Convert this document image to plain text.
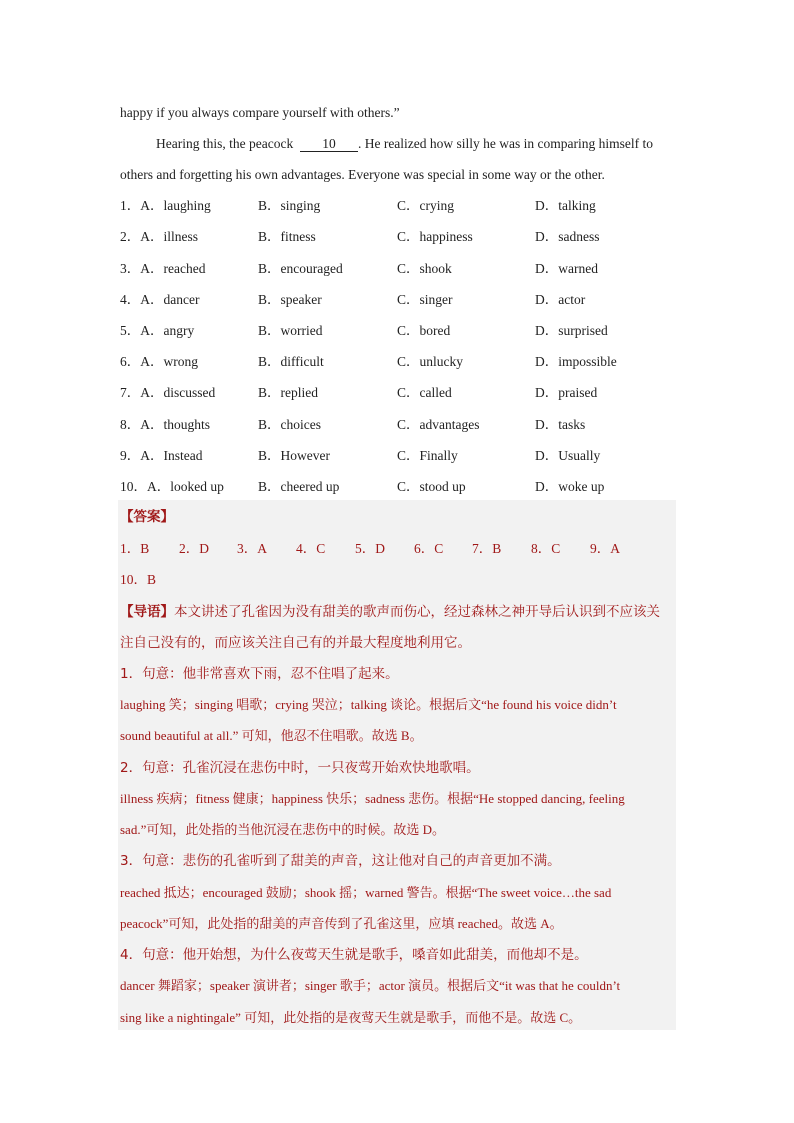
happy if you always compare yourself with others.”
Hearing this, the peacock 10 . He realized how silly he was in comparing himself to
others and forgetting his own advantages. Everyone was special in some way or the other.
1．A．laughing	B．singing	C．crying	D．talking
2．A．illness	B．fitness	C．happiness	D．sadness
3．A．reached	B．encouraged	C．shook	D．warned
4．A．dancer	B．speaker	C．singer	D．actor
5．A．angry	B．worried	C．bored	D．surprised
6．A．wrong	B．difficult	C．unlucky	D．impossible
7．A．discussed	B．replied	C．called	D．praised
8．A．thoughts	B．choices	C．advantages	D．tasks
9．A．Instead	B．However	C．Finally	D．Usually
10．A．looked up	B．cheered up	C．stood up	D．woke up
【答案】
1．B 2．D 3．A 4．C 5．D 6．C 7．B 8．C 9．A
10．B
【导语】本文讲述了孔雀因为没有甜美的歌声而伤心，经过森林之神开导后认识到不应该关
注自己没有的，而应该关注自己有的并最大程度地利用它。
1．句意：他非常喜欢下雨，忍不住唱了起来。
laughing 笑；singing 唱歌；crying 哭泣；talking 谈论。根据后文“he found his voice didn’t
sound beautiful at all.” 可知，他忍不住唱歌。故选 B。
2．句意：孔雀沉浸在悲伤中时，一只夜莺开始欢快地歌唱。
illness 疾病；fitness 健康；happiness 快乐；sadness 悲伤。根据“He stopped dancing, feeling
sad.”可知，此处指的当他沉浸在悲伤中的时候。故选 D。
3．句意：悲伤的孔雀听到了甜美的声音，这让他对自己的声音更加不满。
reached 抵达；encouraged 鼓励；shook 摇；warned 警告。根据“The sweet voice…the sad
peacock”可知，此处指的甜美的声音传到了孔雀这里，应填 reached。故选 A。
4．句意：他开始想，为什么夜莺天生就是歌手，嗓音如此甜美，而他却不是。
dancer 舞蹈家；speaker 演讲者；singer 歌手；actor 演员。根据后文“it was that he couldn’t
sing like a nightingale” 可知，此处指的是夜莺天生就是歌手，而他不是。故选 C。
